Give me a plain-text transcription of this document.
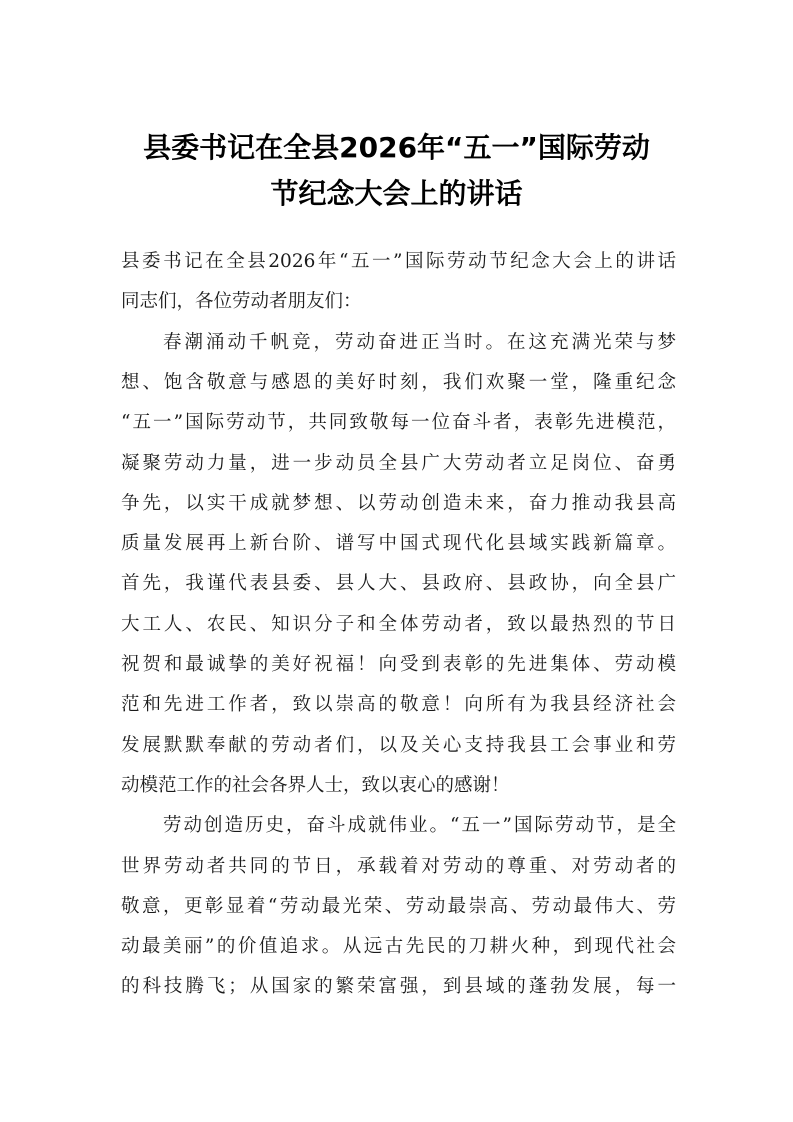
县委书记在全县2026年“五一”国际劳动
节纪念大会上的讲话

县委书记在全县2026年“五一”国际劳动节纪念大会上的讲话

同志们，各位劳动者朋友们：

春潮涌动千帆竞，劳动奋进正当时。在这充满光荣与梦

想、饱含敬意与感恩的美好时刻，我们欢聚一堂，隆重纪念

“五一”国际劳动节，共同致敬每一位奋斗者，表彰先进模范，

凝聚劳动力量，进一步动员全县广大劳动者立足岗位、奋勇

争先，以实干成就梦想、以劳动创造未来，奋力推动我县高

质量发展再上新台阶、谱写中国式现代化县域实践新篇章。

首先，我谨代表县委、县人大、县政府、县政协，向全县广

大工人、农民、知识分子和全体劳动者，致以最热烈的节日

祝贺和最诚挚的美好祝福！向受到表彰的先进集体、劳动模

范和先进工作者，致以崇高的敬意！向所有为我县经济社会

发展默默奉献的劳动者们，以及关心支持我县工会事业和劳

动模范工作的社会各界人士，致以衷心的感谢！

劳动创造历史，奋斗成就伟业。“五一”国际劳动节，是全

世界劳动者共同的节日，承载着对劳动的尊重、对劳动者的

敬意，更彰显着“劳动最光荣、劳动最崇高、劳动最伟大、劳

动最美丽”的价值追求。从远古先民的刀耕火种，到现代社会

的科技腾飞；从国家的繁荣富强，到县域的蓬勃发展，每一
